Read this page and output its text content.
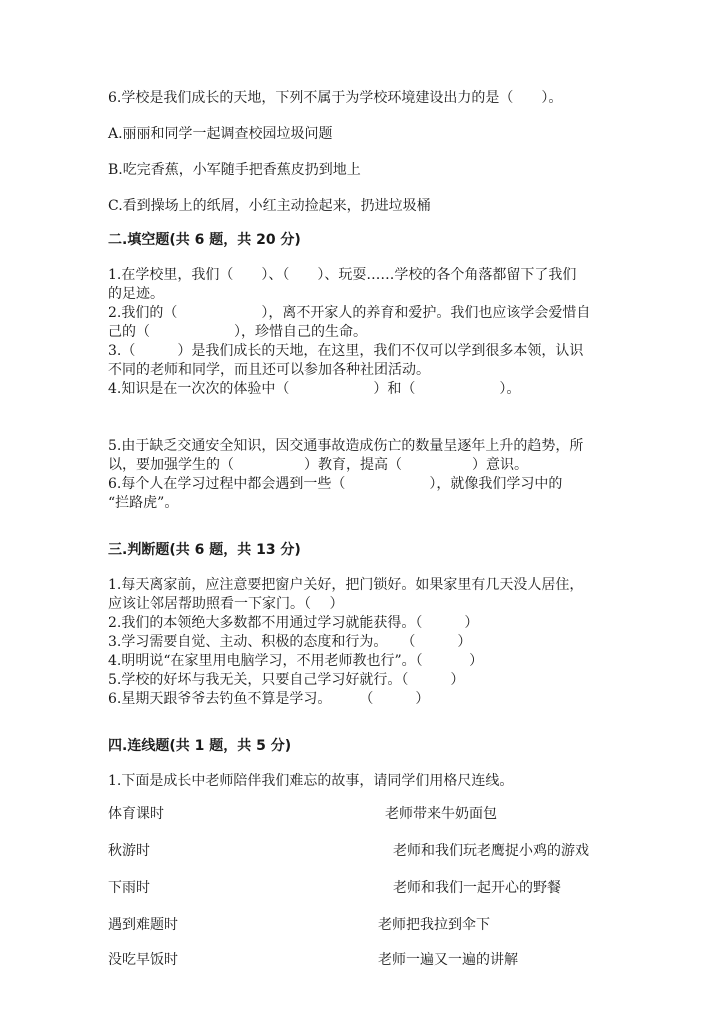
6.学校是我们成长的天地，下列不属于为学校环境建设出力的是（　　）。
A.丽丽和同学一起调查校园垃圾问题
B.吃完香蕉，小军随手把香蕉皮扔到地上
C.看到操场上的纸屑，小红主动捡起来，扔进垃圾桶
二.填空题(共 6 题，共 20 分)
1.在学校里，我们（　　）、（　　）、玩耍……学校的各个角落都留下了我们
的足迹。
2.我们的（　　　　　　），离不开家人的养育和爱护。我们也应该学会爱惜自
己的（　　　　　　），珍惜自己的生命。
3.（　　　）是我们成长的天地，在这里，我们不仅可以学到很多本领，认识
不同的老师和同学，而且还可以参加各种社团活动。
4.知识是在一次次的体验中（　　　　　　）和（　　　　　　）。
5.由于缺乏交通安全知识，因交通事故造成伤亡的数量呈逐年上升的趋势，所
以，要加强学生的（　　　　　）教育，提高（　　　　　）意识。
6.每个人在学习过程中都会遇到一些（　　　　　　），就像我们学习中的
“拦路虎”。
三.判断题(共 6 题，共 13 分)
1.每天离家前，应注意要把窗户关好，把门锁好。如果家里有几天没人居住，
应该让邻居帮助照看一下家门。（　 ）
2.我们的本领绝大多数都不用通过学习就能获得。（　　　）
3.学习需要自觉、主动、积极的态度和行为。　　（　　　）
4.明明说“在家里用电脑学习，不用老师教也行”。（　　　 ）
5.学校的好坏与我无关，只要自己学习好就行。（　　　）
6.星期天跟爷爷去钓鱼不算是学习。　　　（　　　）
四.连线题(共 1 题，共 5 分)
1.下面是成长中老师陪伴我们难忘的故事，请同学们用格尺连线。
体育课时	老师带来牛奶面包
秋游时	老师和我们玩老鹰捉小鸡的游戏
下雨时	老师和我们一起开心的野餐
遇到难题时	老师把我拉到伞下
没吃早饭时	老师一遍又一遍的讲解
